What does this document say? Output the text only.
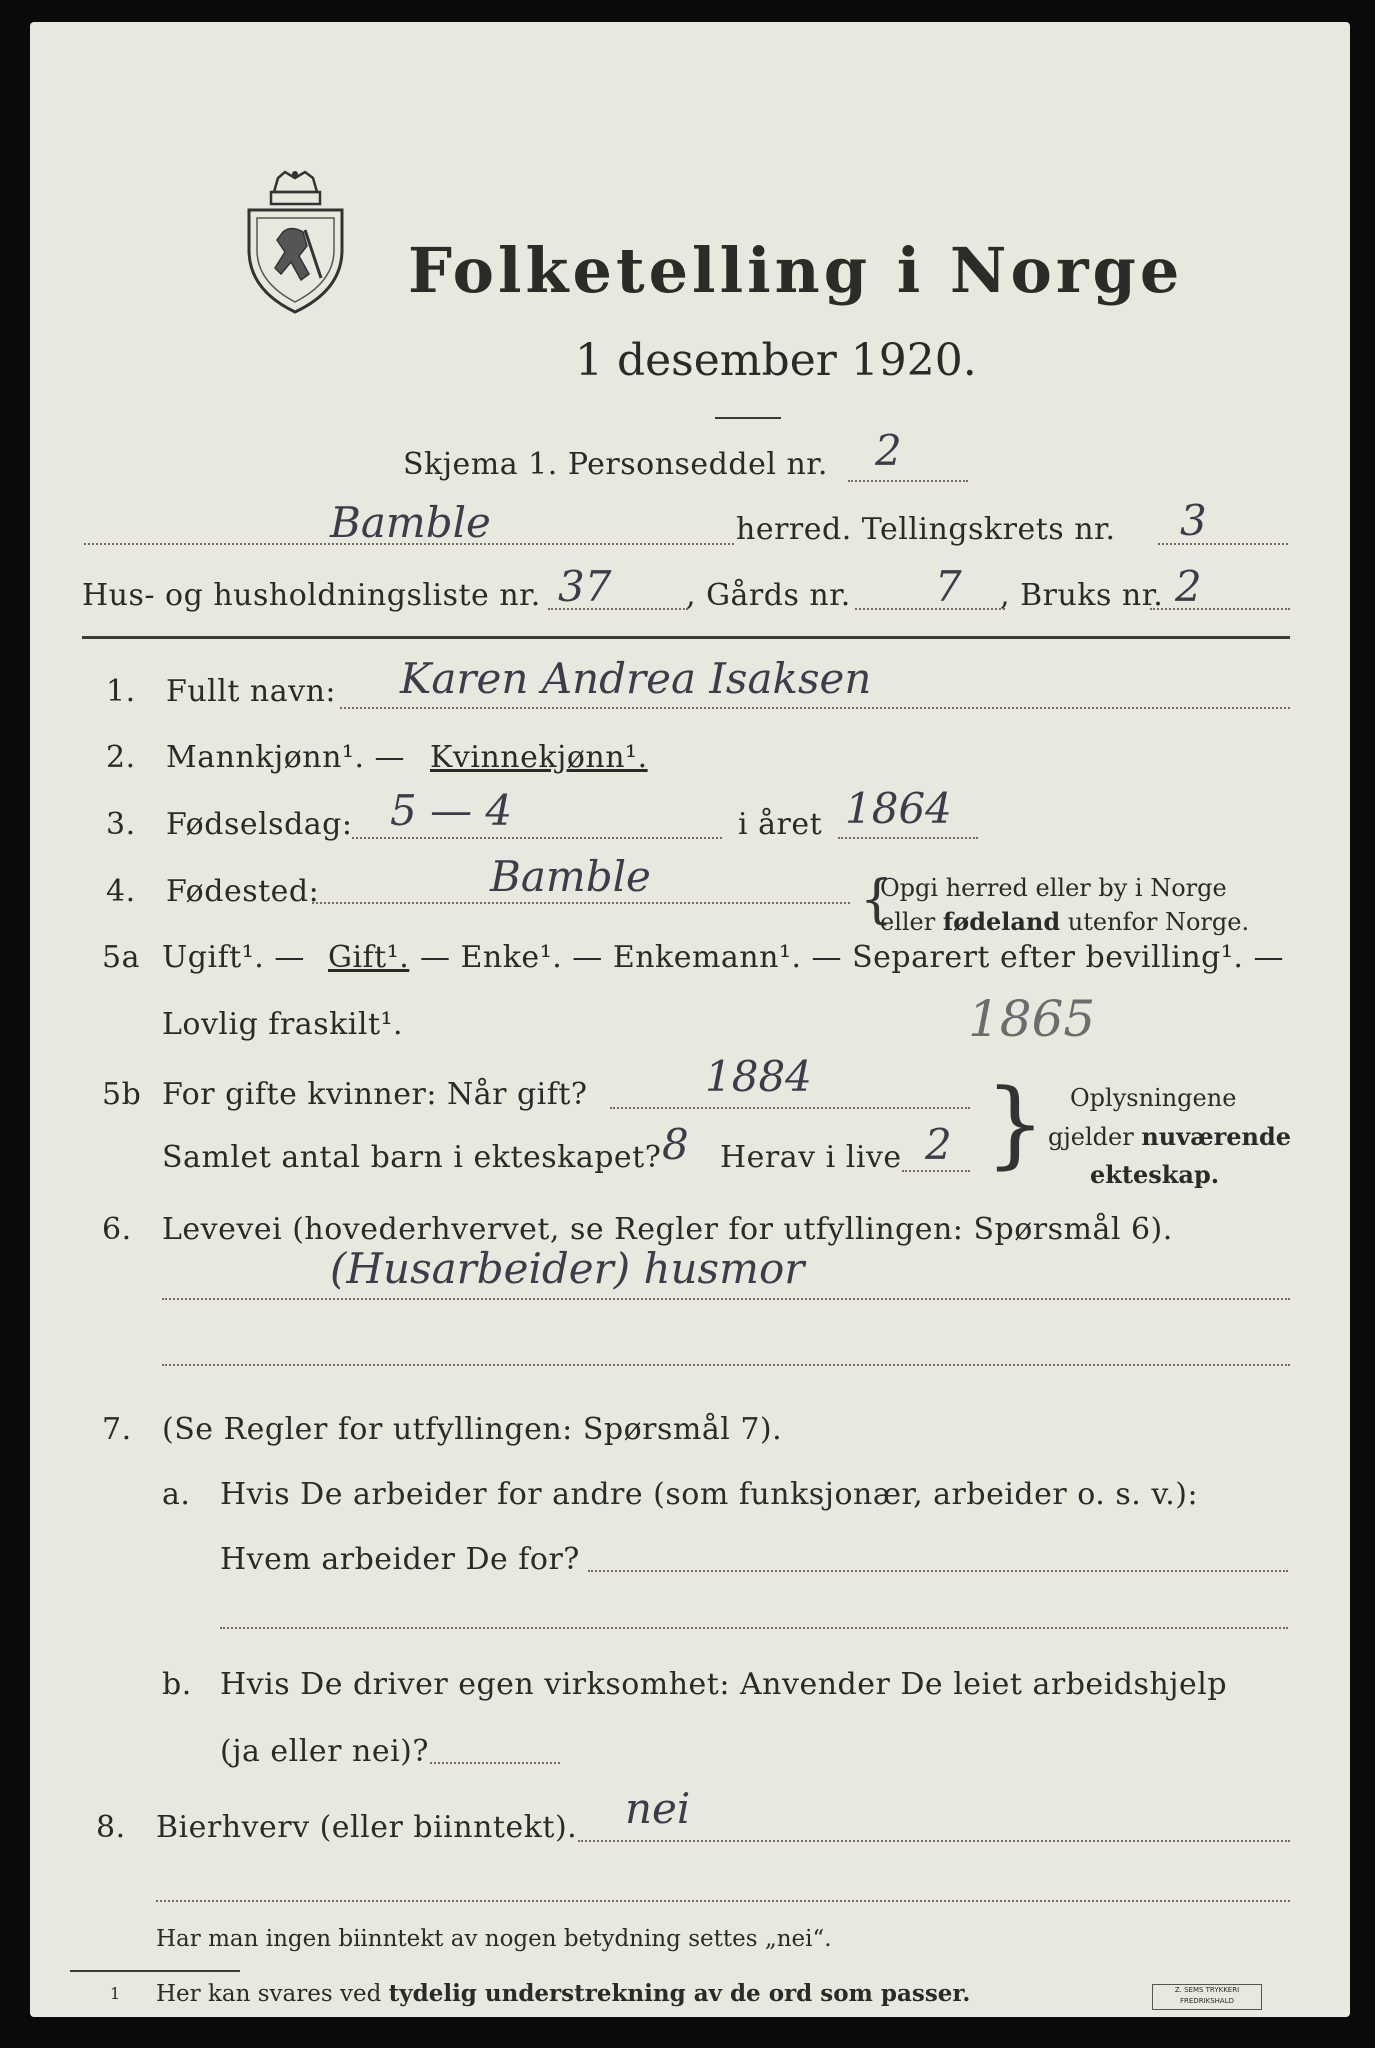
Folketelling i Norge
1 desember 1920.
Skjema 1. Personseddel nr. 2
Bamble	herred. Tellingskrets nr. 3
Hus- og husholdningsliste nr. 37 , Gårds nr. 7 , Bruks nr. 2
1. Fullt navn: Karen Andrea Isaksen
2. Mannkjønn¹. — Kvinnekjønn¹.
3. Fødselsdag: 5 — 4	i året 1864
4. Fødested:	Bamble	{
Opgi herred eller by i Norge
eller fødeland utenfor Norge.
5a Ugift¹. — Gift¹. — Enke¹. — Enkemann¹. — Separert efter bevilling¹. —
Lovlig fraskilt¹.	1865
5b For gifte kvinner: Når gift?	1884
Samlet antal barn i ekteskapet? 8 Herav i live 2 } Oplysningene
gjelder nuværende
ekteskap.
6. Levevei (hovederhvervet, se Regler for utfyllingen: Spørsmål 6).
(Husarbeider) husmor
7. (Se Regler for utfyllingen: Spørsmål 7).
a. Hvis De arbeider for andre (som funksjonær, arbeider o. s. v.):
Hvem arbeider De for?
b. Hvis De driver egen virksomhet: Anvender De leiet arbeidshjelp
(ja eller nei)?
8. Bierhverv (eller biinntekt). nei
Har man ingen biinntekt av nogen betydning settes „nei“.
1 Her kan svares ved tydelig understrekning av de ord som passer.	Z. SEMS TRYKKERI FREDRIKSHALD
